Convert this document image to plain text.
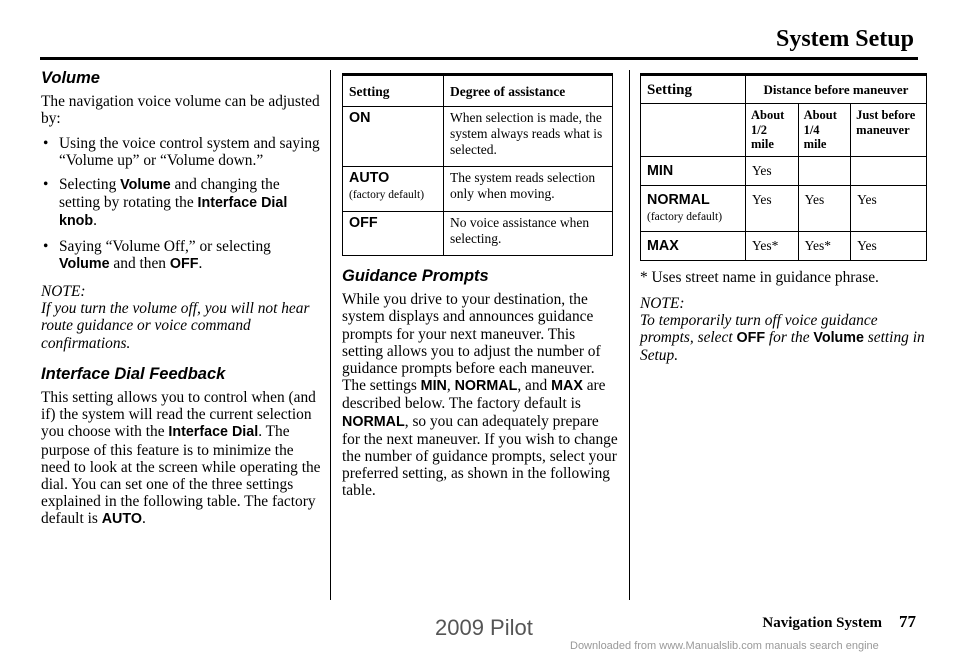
System Setup
Volume

The navigation voice volume can be adjusted by:

• Using the voice control system and saying “Volume up” or “Volume down.”
• Selecting Volume and changing the setting by rotating the Interface Dial knob.
• Saying “Volume Off,” or selecting Volume and then OFF.

NOTE:

If you turn the volume off, you will not hear route guidance or voice command confirmations.

Interface Dial Feedback

This setting allows you to control when (and if) the system will read the current selection you choose with the Interface Dial. The purpose of this feature is to minimize the need to look at the screen while operating the dial. You can set one of the three settings explained in the following table. The factory default is AUTO.

Setting	Degree of assistance
ON	When selection is made, the system always reads what is selected.
AUTO
(factory default)	The system reads selection only when moving.
OFF	No voice assistance when selecting.
Guidance Prompts

While you drive to your destination, the system displays and announces guidance prompts for your next maneuver. This setting allows you to adjust the number of guidance prompts before each maneuver. The settings MIN, NORMAL, and MAX are described below. The factory default is NORMAL, so you can adequately prepare for the next maneuver. If you wish to change the number of guidance prompts, select your preferred setting, as shown in the following table.

Setting	Distance before maneuver		
	About 1/2 mile	About 1/4 mile	Just before maneuver
MIN	Yes		
NORMAL
(factory default)	Yes	Yes	Yes
MAX	Yes*	Yes*	Yes

* Uses street name in guidance phrase.

NOTE:

To temporarily turn off voice guidance prompts, select OFF for the Volume setting in Setup.

Navigation System 77
2009 Pilot
Downloaded from www.Manualslib.com manuals search engine
